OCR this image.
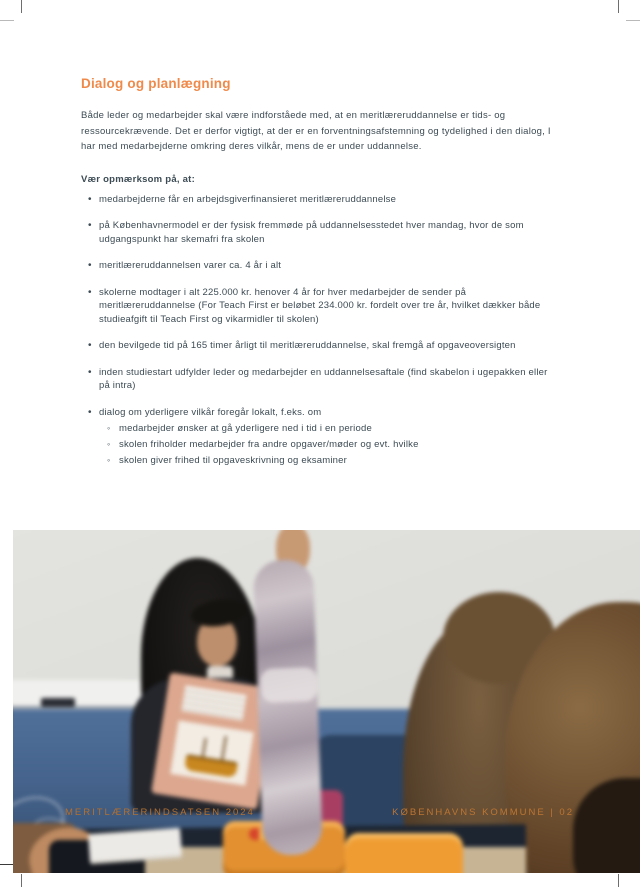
Dialog og planlægning

Både leder og medarbejder skal være indforståede med, at en meritlæreruddannelse er tids- og ressourcekrævende. Det er derfor vigtigt, at der er en forventningsafstemning og tydelighed i den dialog, I har med medarbejderne omkring deres vilkår, mens de er under uddannelse.

Vær opmærksom på, at:

• medarbejderne får en arbejdsgiverfinansieret meritlæreruddannelse
• på Københavnermodel er der fysisk fremmøde på uddannelsesstedet hver mandag, hvor de som udgangspunkt har skemafri fra skolen
• meritlæreruddannelsen varer ca. 4 år i alt
• skolerne modtager i alt 225.000 kr. henover 4 år for hver medarbejder de sender på meritlæreruddannelse (For Teach First er beløbet 234.000 kr. fordelt over tre år, hvilket dækker både studieafgift til Teach First og vikarmidler til skolen)
• den bevilgede tid på 165 timer årligt til meritlæreruddannelse, skal fremgå af opgaveoversigten
• inden studiestart udfylder leder og medarbejder en uddannelsesaftale (find skabelon i ugepakken eller på intra)
• dialog om yderligere vilkår foregår lokalt, f.eks. om
◦ medarbejder ønsker at gå yderligere ned i tid i en periode
◦ skolen friholder medarbejder fra andre opgaver/møder og evt. hvilke
◦ skolen giver frihed til opgaveskrivning og eksaminer
MERITLÆRERINDSATSEN 2024	KØBENHAVNS KOMMUNE | 02
